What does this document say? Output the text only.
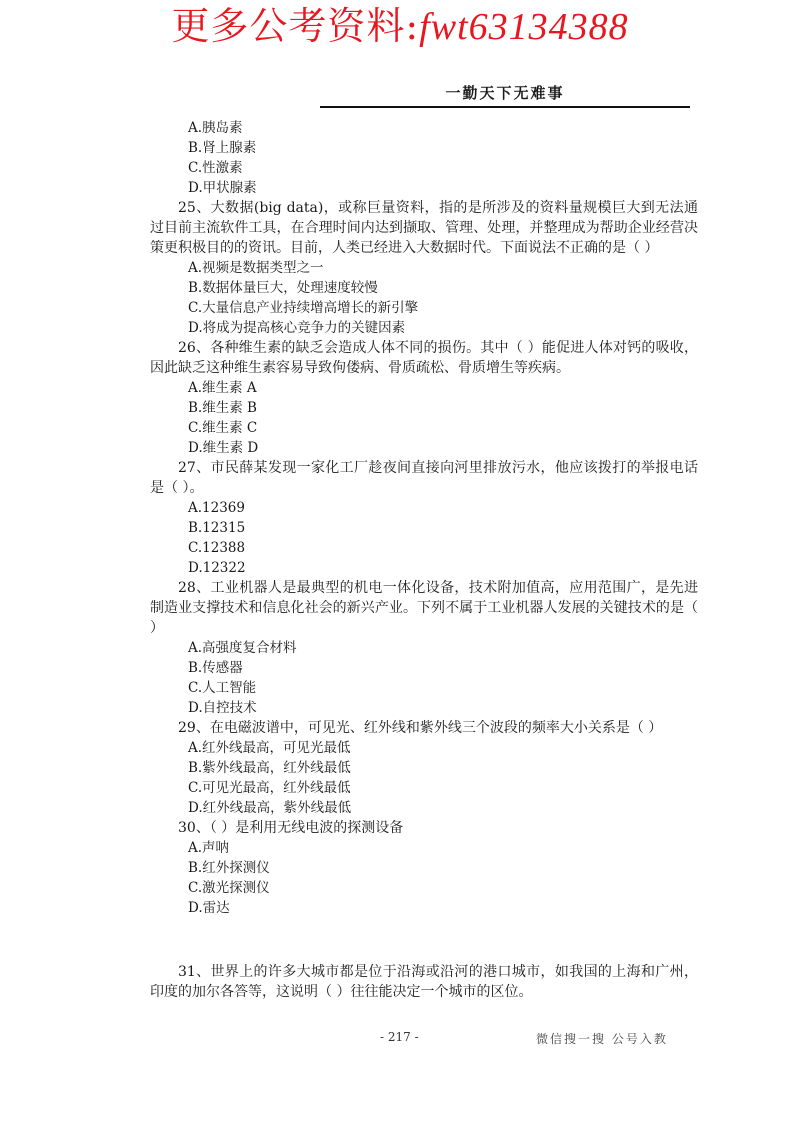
更多公考资料:fwt63134388
一勤天下无难事

A.胰岛素

B.肾上腺素

C.性激素

D.甲状腺素

25、大数据(big data)，或称巨量资料，指的是所涉及的资料量规模巨大到无法通过目前主流软件工具，在合理时间内达到撷取、管理、处理，并整理成为帮助企业经营决策更积极目的的资讯。目前，人类已经进入大数据时代。下面说法不正确的是（ ）

A.视频是数据类型之一

B.数据体量巨大，处理速度较慢

C.大量信息产业持续增高增长的新引擎

D.将成为提高核心竞争力的关键因素

26、各种维生素的缺乏会造成人体不同的损伤。其中（ ）能促进人体对钙的吸收，因此缺乏这种维生素容易导致佝偻病、骨质疏松、骨质增生等疾病。

A.维生素 A

B.维生素 B

C.维生素 C

D.维生素 D

27、市民薛某发现一家化工厂趁夜间直接向河里排放污水，他应该拨打的举报电话是（ ）。

A.12369

B.12315

C.12388

D.12322

28、工业机器人是最典型的机电一体化设备，技术附加值高，应用范围广，是先进制造业支撑技术和信息化社会的新兴产业。下列不属于工业机器人发展的关键技术的是（ ）

A.高强度复合材料

B.传感器

C.人工智能

D.自控技术

29、在电磁波谱中，可见光、红外线和紫外线三个波段的频率大小关系是（ ）

A.红外线最高，可见光最低

B.紫外线最高，红外线最低

C.可见光最高，红外线最低

D.红外线最高，紫外线最低

30、（ ）是利用无线电波的探测设备

A.声呐

B.红外探测仪

C.激光探测仪

D.雷达

31、世界上的许多大城市都是位于沿海或沿河的港口城市，如我国的上海和广州，印度的加尔各答等，这说明（ ）往往能决定一个城市的区位。

- 217 -	微信搜一搜 公号入教
